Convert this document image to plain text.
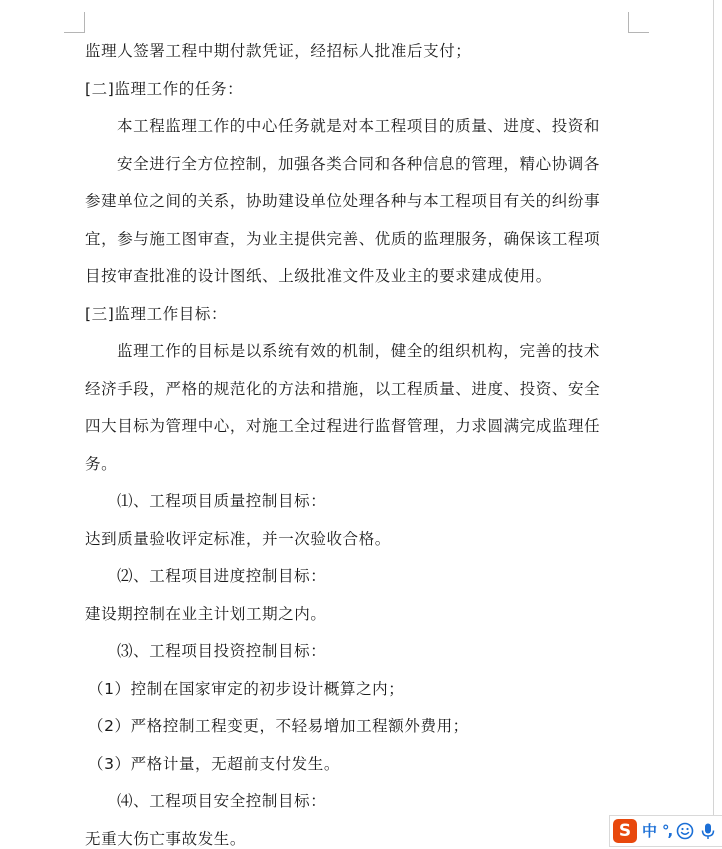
监理人签署工程中期付款凭证，经招标人批准后支付；
[二]监理工作的任务：
本工程监理工作的中心任务就是对本工程项目的质量、进度、投资和
安全进行全方位控制，加强各类合同和各种信息的管理，精心协调各
参建单位之间的关系，协助建设单位处理各种与本工程项目有关的纠纷事
宜，参与施工图审查，为业主提供完善、优质的监理服务，确保该工程项
目按审查批准的设计图纸、上级批准文件及业主的要求建成使用。
[三]监理工作目标：
监理工作的目标是以系统有效的机制，健全的组织机构，完善的技术
经济手段，严格的规范化的方法和措施，以工程质量、进度、投资、安全
四大目标为管理中心，对施工全过程进行监督管理，力求圆满完成监理任
务。
⑴、工程项目质量控制目标：
达到质量验收评定标准，并一次验收合格。
⑵、工程项目进度控制目标：
建设期控制在业主计划工期之内。
⑶、工程项目投资控制目标：
（1）控制在国家审定的初步设计概算之内；
（2）严格控制工程变更，不轻易增加工程额外费用；
（3）严格计量，无超前支付发生。
⑷、工程项目安全控制目标：
无重大伤亡事故发生。	S 中 °,
